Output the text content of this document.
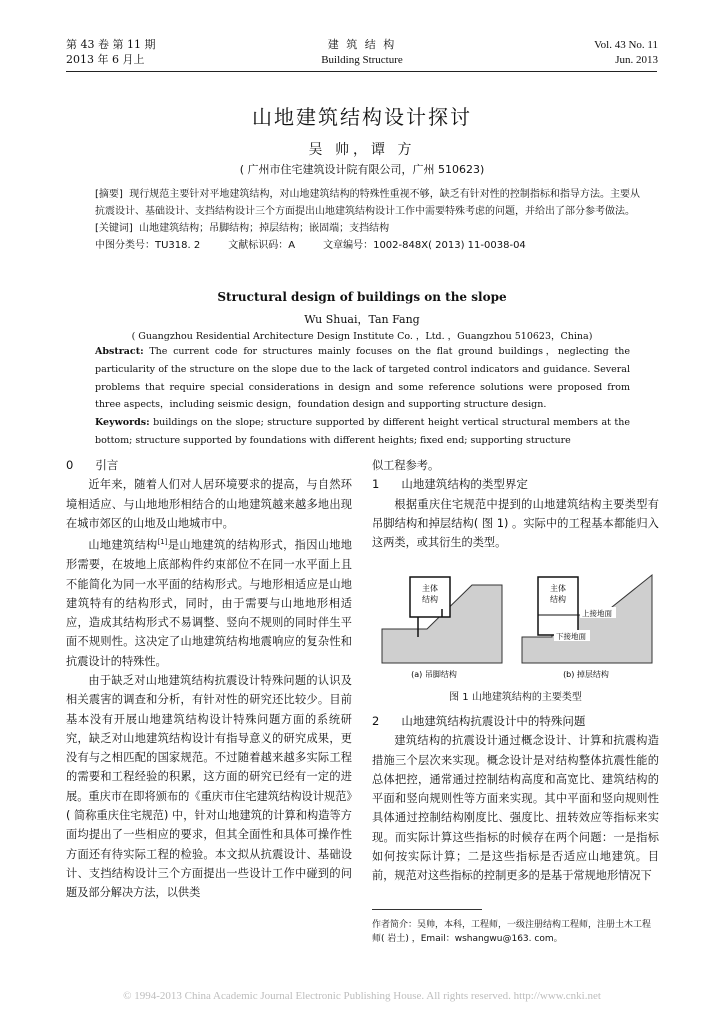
第 43 卷 第 11 期
2013 年 6 月上
建 筑 结 构
Building Structure
Vol. 43 No. 11
Jun. 2013
山地建筑结构设计探讨
吴 帅，谭 方
( 广州市住宅建筑设计院有限公司，广州 510623)

[摘要] 现行规范主要针对平地建筑结构，对山地建筑结构的特殊性重视不够，缺乏有针对性的控制指标和指导方法。主要从抗震设计、基础设计、支挡结构设计三个方面提出山地建筑结构设计工作中需要特殊考虑的问题，并给出了部分参考做法。

[关键词] 山地建筑结构；吊脚结构；掉层结构；嵌固端；支挡结构

中图分类号：TU318. 2	文献标识码：A	文章编号：1002-848X( 2013) 11-0038-04

Structural design of buildings on the slope
Wu Shuai，Tan Fang
( Guangzhou Residential Architecture Design Institute Co. ，Ltd. ，Guangzhou 510623，China)

Abstract: The current code for structures mainly focuses on the flat ground buildings，neglecting the particularity of the structure on the slope due to the lack of targeted control indicators and guidance. Several problems that require special considerations in design and some reference solutions were proposed from three aspects，including seismic design，foundation design and supporting structure design.

Keywords: buildings on the slope; structure supported by different height vertical structural members at the bottom; structure supported by foundations with different heights; fixed end; supporting structure

0 引言

近年来，随着人们对人居环境要求的提高，与自然环境相适应、与山地地形相结合的山地建筑越来越多地出现在城市郊区的山地及山地城市中。

山地建筑结构[1]是山地建筑的结构形式，指因山地地形需要，在坡地上底部构件约束部位不在同一水平面上且不能简化为同一水平面的结构形式。与地形相适应是山地建筑特有的结构形式，同时，由于需要与山地地形相适应，造成其结构形式不易调整、竖向不规则的同时伴生平面不规则性。这决定了山地建筑结构地震响应的复杂性和抗震设计的特殊性。

由于缺乏对山地建筑结构抗震设计特殊问题的认识及相关震害的调查和分析，有针对性的研究还比较少。目前基本没有开展山地建筑结构设计特殊问题方面的系统研究，缺乏对山地建筑结构设计有指导意义的研究成果，更没有与之相匹配的国家规范。不过随着越来越多实际工程的需要和工程经验的积累，这方面的研究已经有一定的进展。重庆市在即将颁布的《重庆市住宅建筑结构设计规范》( 简称重庆住宅规范) 中，针对山地建筑的计算和构造等方面均提出了一些相应的要求，但其全面性和具体可操作性方面还有待实际工程的检验。本文拟从抗震设计、基础设计、支挡结构设计三个方面提出一些设计工作中碰到的问题及部分解决方法，以供类

似工程参考。

1 山地建筑结构的类型界定

根据重庆住宅规范中提到的山地建筑结构主要类型有吊脚结构和掉层结构( 图 1) 。实际中的工程基本都能归入这两类，或其衍生的类型。

主体
结构
主体
结构
上接地面
下接地面
(a) 吊脚结构	(b) 掉层结构
图 1 山地建筑结构的主要类型

2 山地建筑结构抗震设计中的特殊问题

建筑结构的抗震设计通过概念设计、计算和抗震构造措施三个层次来实现。概念设计是对结构整体抗震性能的总体把控，通常通过控制结构高度和高宽比、建筑结构的平面和竖向规则性等方面来实现。其中平面和竖向规则性具体通过控制结构刚度比、强度比、扭转效应等指标来实现。而实际计算这些指标的时候存在两个问题：一是指标如何按实际计算；二是这些指标是否适应山地建筑。目前，规范对这些指标的控制更多的是基于常规地形情况下

作者简介：吴帅，本科，工程师，一级注册结构工程师，注册土木工程师( 岩土) ，Email：wshangwu@163. com。
© 1994-2013 China Academic Journal Electronic Publishing House. All rights reserved. http://www.cnki.net
